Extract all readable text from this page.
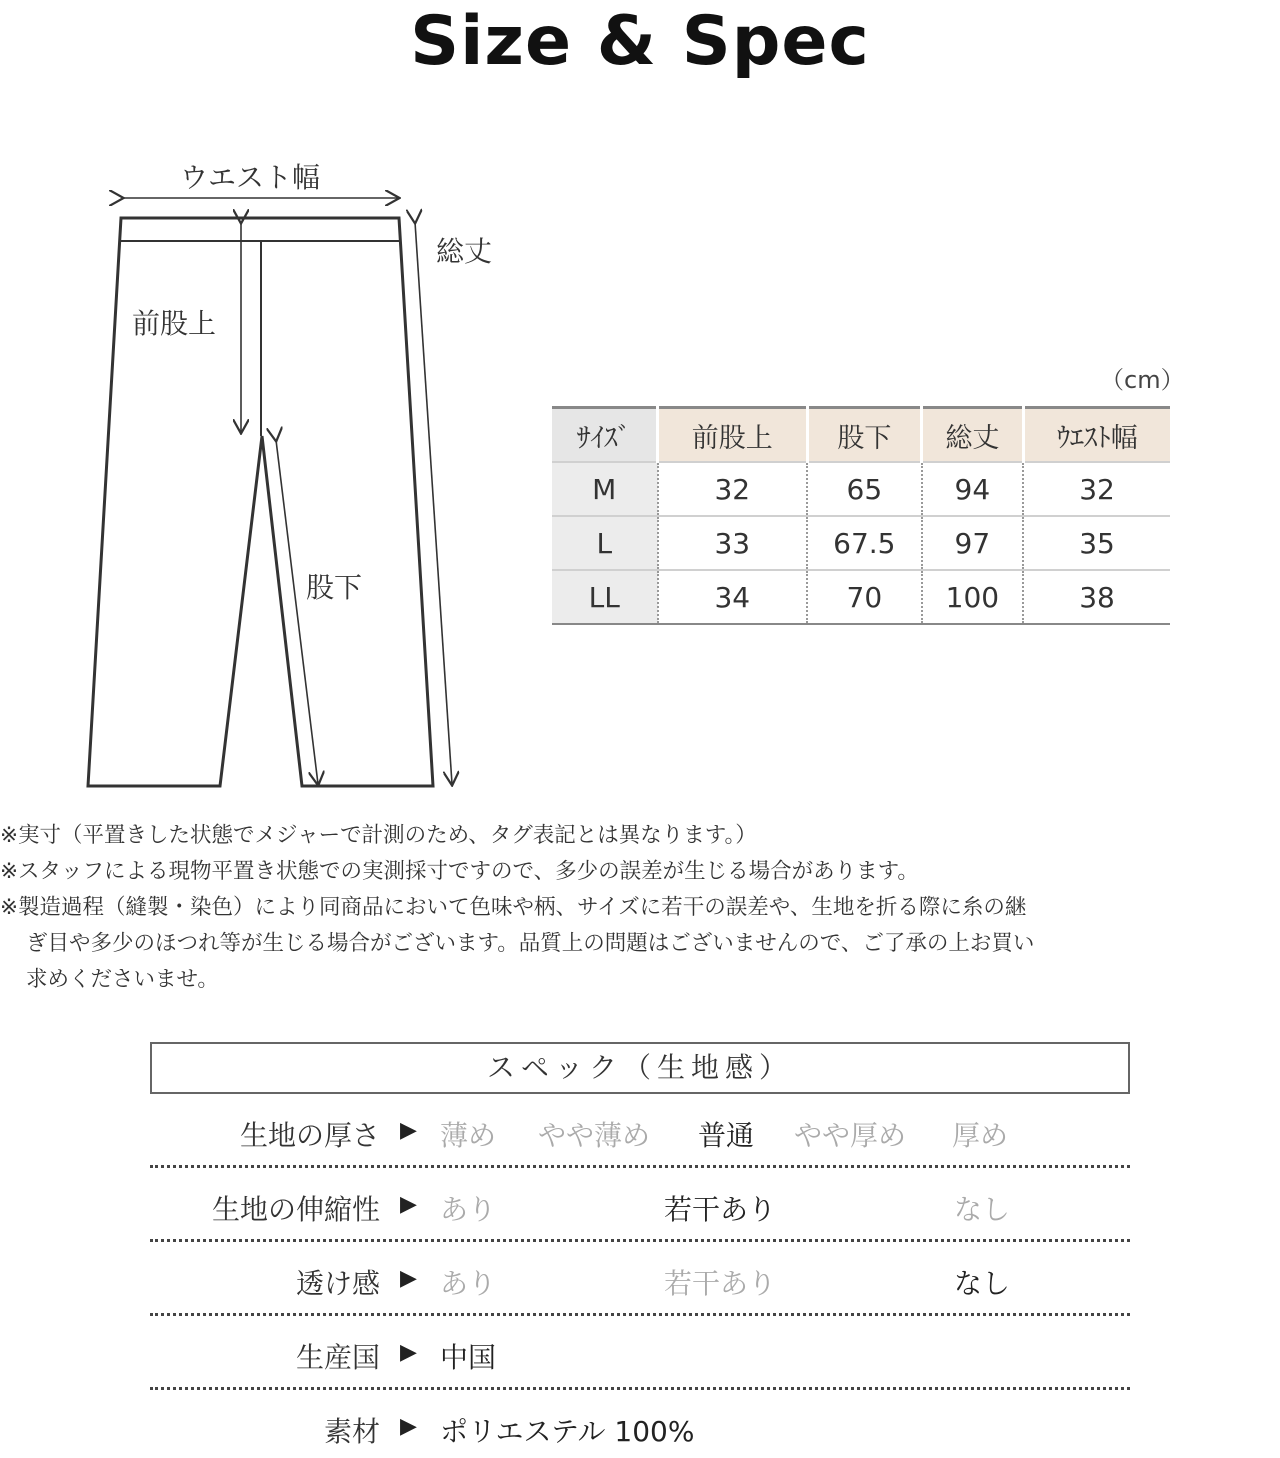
Size & Spec
ウエスト幅
総丈
前股上
股下
（cm）
ｻｲｽﾞ	前股上	股下	総丈	ｳｴｽﾄ幅
M	32	65	94	32
L	33	67.5	97	35
LL	34	70	100	38
※実寸（平置きした状態でメジャーで計測のため、タグ表記とは異なります。）
※スタッフによる現物平置き状態での実測採寸ですので、多少の誤差が生じる場合があります。
※製造過程（縫製・染色）により同商品において色味や柄、サイズに若干の誤差や、生地を折る際に糸の継
ぎ目や多少のほつれ等が生じる場合がございます。品質上の問題はございませんので、ご了承の上お買い
求めくださいませ。
スペック（生地感）
生地の厚さ ▶ 薄め やや薄め 普通 やや厚め 厚め
生地の伸縮性 ▶ あり	若干あり	なし
透け感 ▶ あり	若干あり	なし
生産国 ▶ 中国
素材 ▶ ポリエステル 100%
